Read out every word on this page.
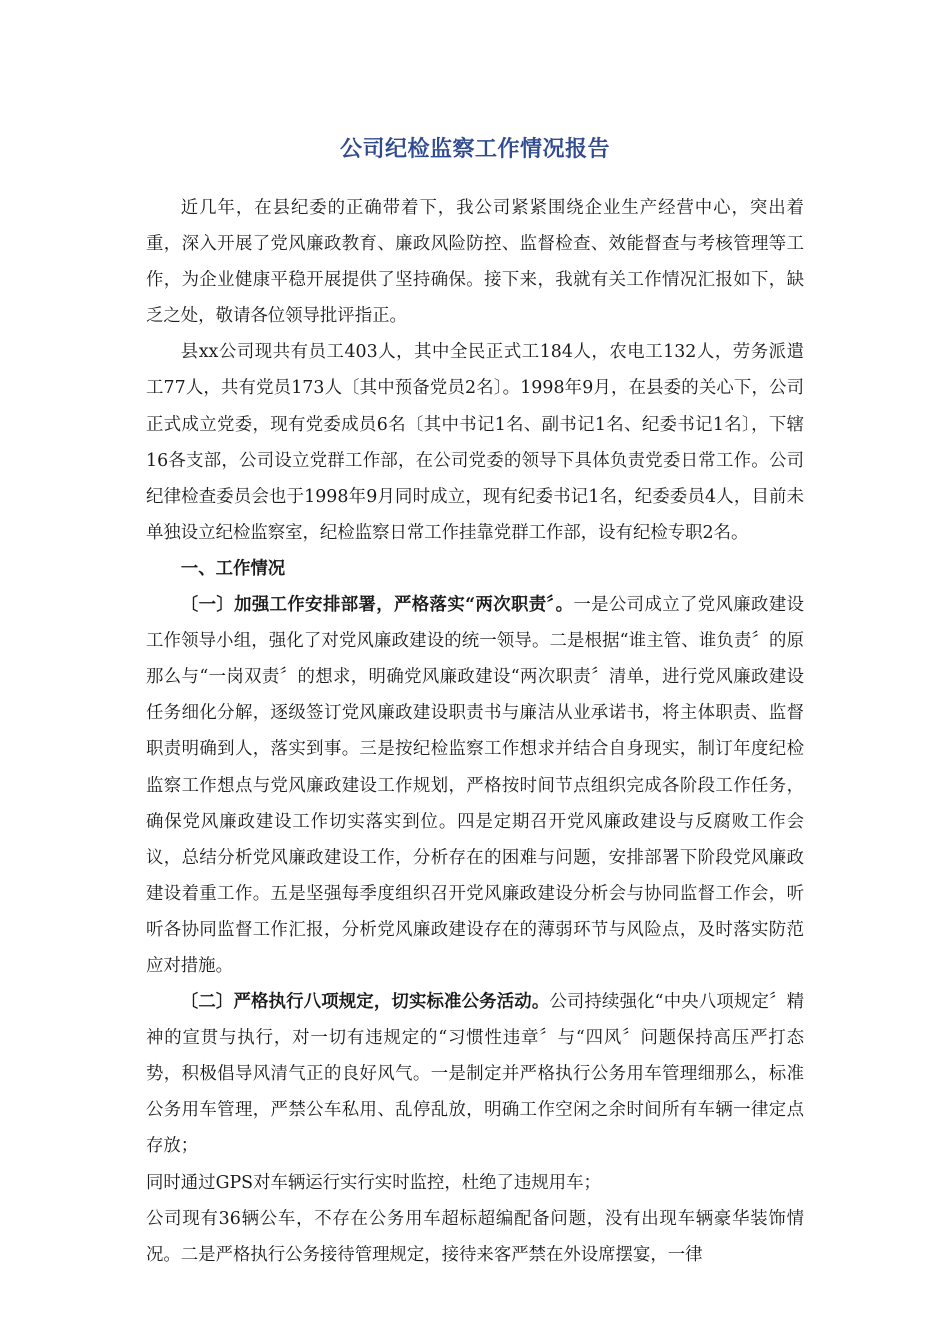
公司纪检监察工作情况报告

近几年，在县纪委的正确带着下，我公司紧紧围绕企业生产经营中心，突出着重，深入开展了党风廉政教育、廉政风险防控、监督检查、效能督查与考核管理等工作，为企业健康平稳开展提供了坚持确保。接下来，我就有关工作情况汇报如下，缺乏之处，敬请各位领导批评指正。

县xx公司现共有员工403人，其中全民正式工184人，农电工132人，劳务派遣工77人，共有党员173人〔其中预备党员2名〕。1998年9月，在县委的关心下，公司正式成立党委，现有党委成员6名〔其中书记1名、副书记1名、纪委书记1名〕，下辖16各支部，公司设立党群工作部，在公司党委的领导下具体负责党委日常工作。公司纪律检查委员会也于1998年9月同时成立，现有纪委书记1名，纪委委员4人，目前未单独设立纪检监察室，纪检监察日常工作挂靠党群工作部，设有纪检专职2名。

一、工作情况

〔一〕加强工作安排部署，严格落实“两次职责〞。一是公司成立了党风廉政建设工作领导小组，强化了对党风廉政建设的统一领导。二是根据“谁主管、谁负责〞的原那么与“一岗双责〞的想求，明确党风廉政建设“两次职责〞清单，进行党风廉政建设任务细化分解，逐级签订党风廉政建设职责书与廉洁从业承诺书，将主体职责、监督职责明确到人，落实到事。三是按纪检监察工作想求并结合自身现实，制订年度纪检监察工作想点与党风廉政建设工作规划，严格按时间节点组织完成各阶段工作任务，确保党风廉政建设工作切实落实到位。四是定期召开党风廉政建设与反腐败工作会议，总结分析党风廉政建设工作，分析存在的困难与问题，安排部署下阶段党风廉政建设着重工作。五是坚强每季度组织召开党风廉政建设分析会与协同监督工作会，听听各协同监督工作汇报，分析党风廉政建设存在的薄弱环节与风险点，及时落实防范应对措施。

〔二〕严格执行八项规定，切实标准公务活动。公司持续强化“中央八项规定〞精神的宣贯与执行，对一切有违规定的“习惯性违章〞与“四风〞问题保持高压严打态势，积极倡导风清气正的良好风气。一是制定并严格执行公务用车管理细那么，标准公务用车管理，严禁公车私用、乱停乱放，明确工作空闲之余时间所有车辆一律定点存放；

同时通过GPS对车辆运行实行实时监控，杜绝了违规用车；

公司现有36辆公车，不存在公务用车超标超编配备问题，没有出现车辆豪华装饰情况。二是严格执行公务接待管理规定，接待来客严禁在外设席摆宴，一律
